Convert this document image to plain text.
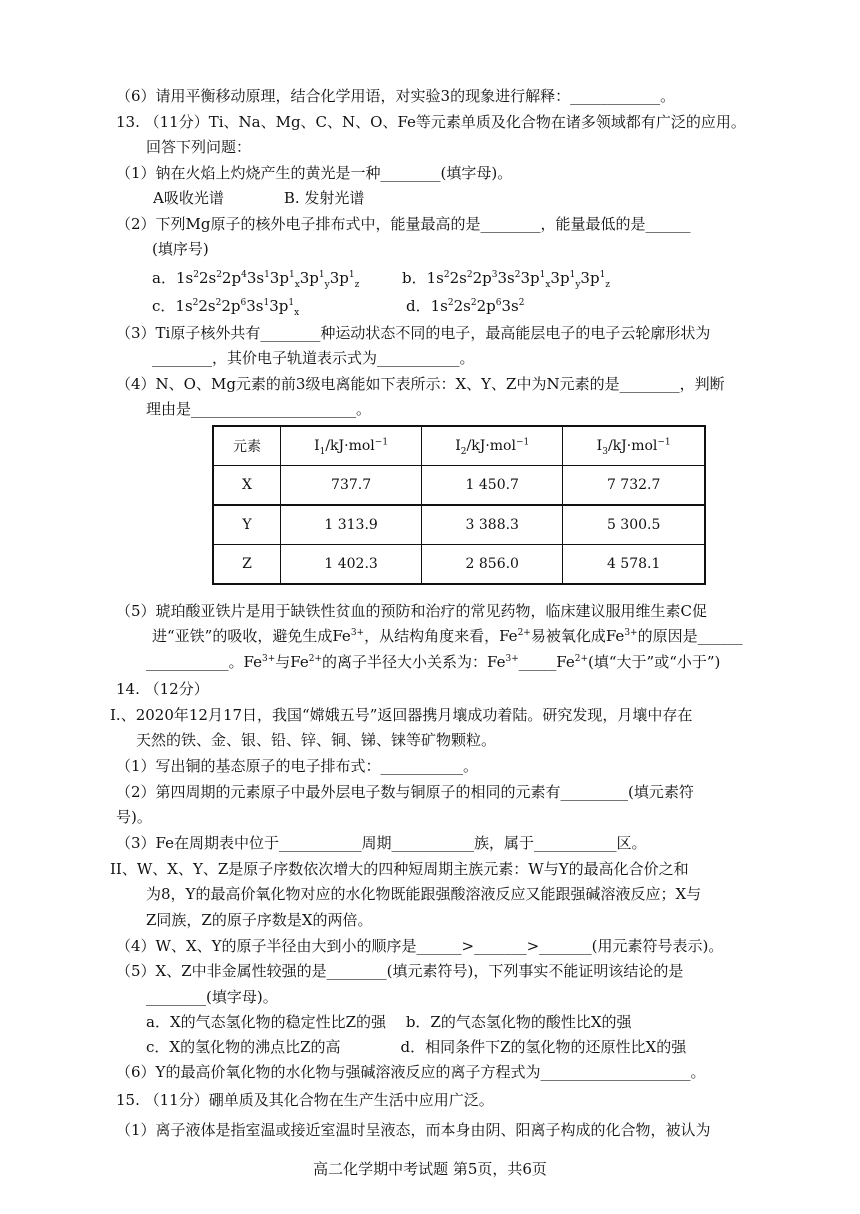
（6）请用平衡移动原理，结合化学用语，对实验3的现象进行解释：____________。
13. （11分）Ti、Na、Mg、C、N、O、Fe等元素单质及化合物在诸多领域都有广泛的应用。
回答下列问题：
（1）钠在火焰上灼烧产生的黄光是一种________(填字母)。
A吸收光谱　　　　B. 发射光谱
（2）下列Mg原子的核外电子排布式中，能量最高的是________，能量最低的是______
(填序号)
a．$1s^22s^22p^43s^13p^1_x3p^1_y3p^1_z$	b．$1s^22s^22p^33s^23p^1_x3p^1_y3p^1_z$
c．$1s^22s^22p^63s^13p^1_x$	d．$1s^22s^22p^63s^2$
（3）Ti原子核外共有________种运动状态不同的电子，最高能层电子的电子云轮廓形状为
________，其价电子轨道表示式为___________。
（4）N、O、Mg元素的前3级电离能如下表所示：X、Y、Z中为N元素的是________，判断
理由是______________________。
元素	$I_1/kJ\cdot mol^{-1}$	$I_2/kJ\cdot mol^{-1}$	$I_3/kJ\cdot mol^{-1}$
X	737.7	1 450.7	7 732.7
Y	1 313.9	3 388.3	5 300.5
Z	1 402.3	2 856.0	4 578.1
（5）琥珀酸亚铁片是用于缺铁性贫血的预防和治疗的常见药物，临床建议服用维生素C促
进“亚铁”的吸收，避免生成$Fe^{3+}$，从结构角度来看，$Fe^{2+}$易被氧化成$Fe^{3+}$的原因是______
___________。$Fe^{3+}$与$Fe^{2+}$的离子半径大小关系为：$Fe^{3+}\_\_\_\_\_Fe^{2+}$(填“大于”或“小于”)
14. （12分）
I.、2020年12月17日，我国“嫦娥五号”返回器携月壤成功着陆。研究发现，月壤中存在
天然的铁、金、银、铅、锌、铜、锑、铼等矿物颗粒。
（1）写出铜的基态原子的电子排布式：___________。
（2）第四周期的元素原子中最外层电子数与铜原子的相同的元素有_________(填元素符
号)。
（3）Fe在周期表中位于___________周期___________族，属于___________区。
II、W、X、Y、Z是原子序数依次增大的四种短周期主族元素：W与Y的最高化合价之和
为8，Y的最高价氧化物对应的水化物既能跟强酸溶液反应又能跟强碱溶液反应；X与
Z同族，Z的原子序数是X的两倍。
（4）W、X、Y的原子半径由大到小的顺序是______>_______>_______(用元素符号表示)。
（5）X、Z中非金属性较强的是________(填元素符号)，下列事实不能证明该结论的是
________(填字母)。
a．X的气态氢化物的稳定性比Z的强　 b．Z的气态氢化物的酸性比X的强
c．X的氢化物的沸点比Z的高　　　　d．相同条件下Z的氢化物的还原性比X的强
（6）Y的最高价氧化物的水化物与强碱溶液反应的离子方程式为____________________。
15. （11分）硼单质及其化合物在生产生活中应用广泛。
（1）离子液体是指室温或接近室温时呈液态，而本身由阴、阳离子构成的化合物，被认为
高二化学期中考试题 第5页，共6页
